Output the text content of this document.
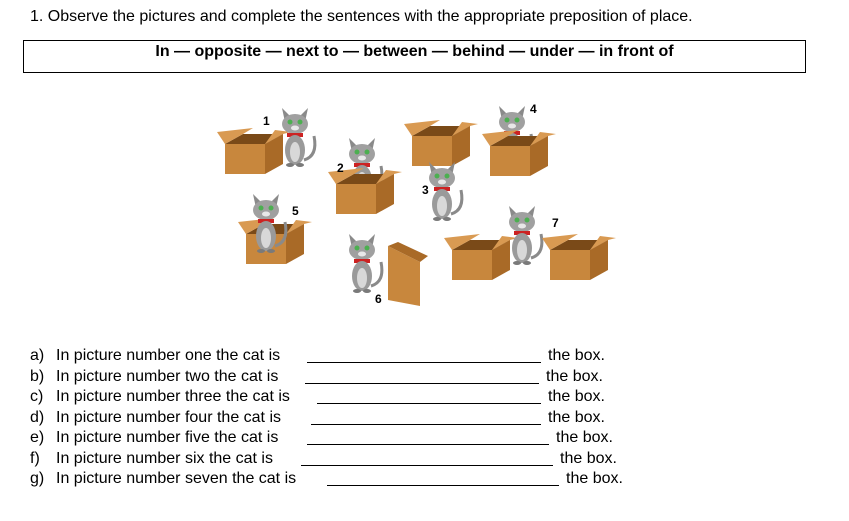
1. Observe the pictures and complete the sentences with the appropriate preposition of place.
In — opposite — next to — between — behind — under — in front of
1
2
3
4
5
6
7
a) In picture number one the cat is	the box.
b) In picture number two the cat is	the box.
c) In picture number three the cat is	the box.
d) In picture number four the cat is	the box.
e) In picture number five the cat is	the box.
f) In picture number six the cat is	the box.
g) In picture number seven the cat is	the box.
